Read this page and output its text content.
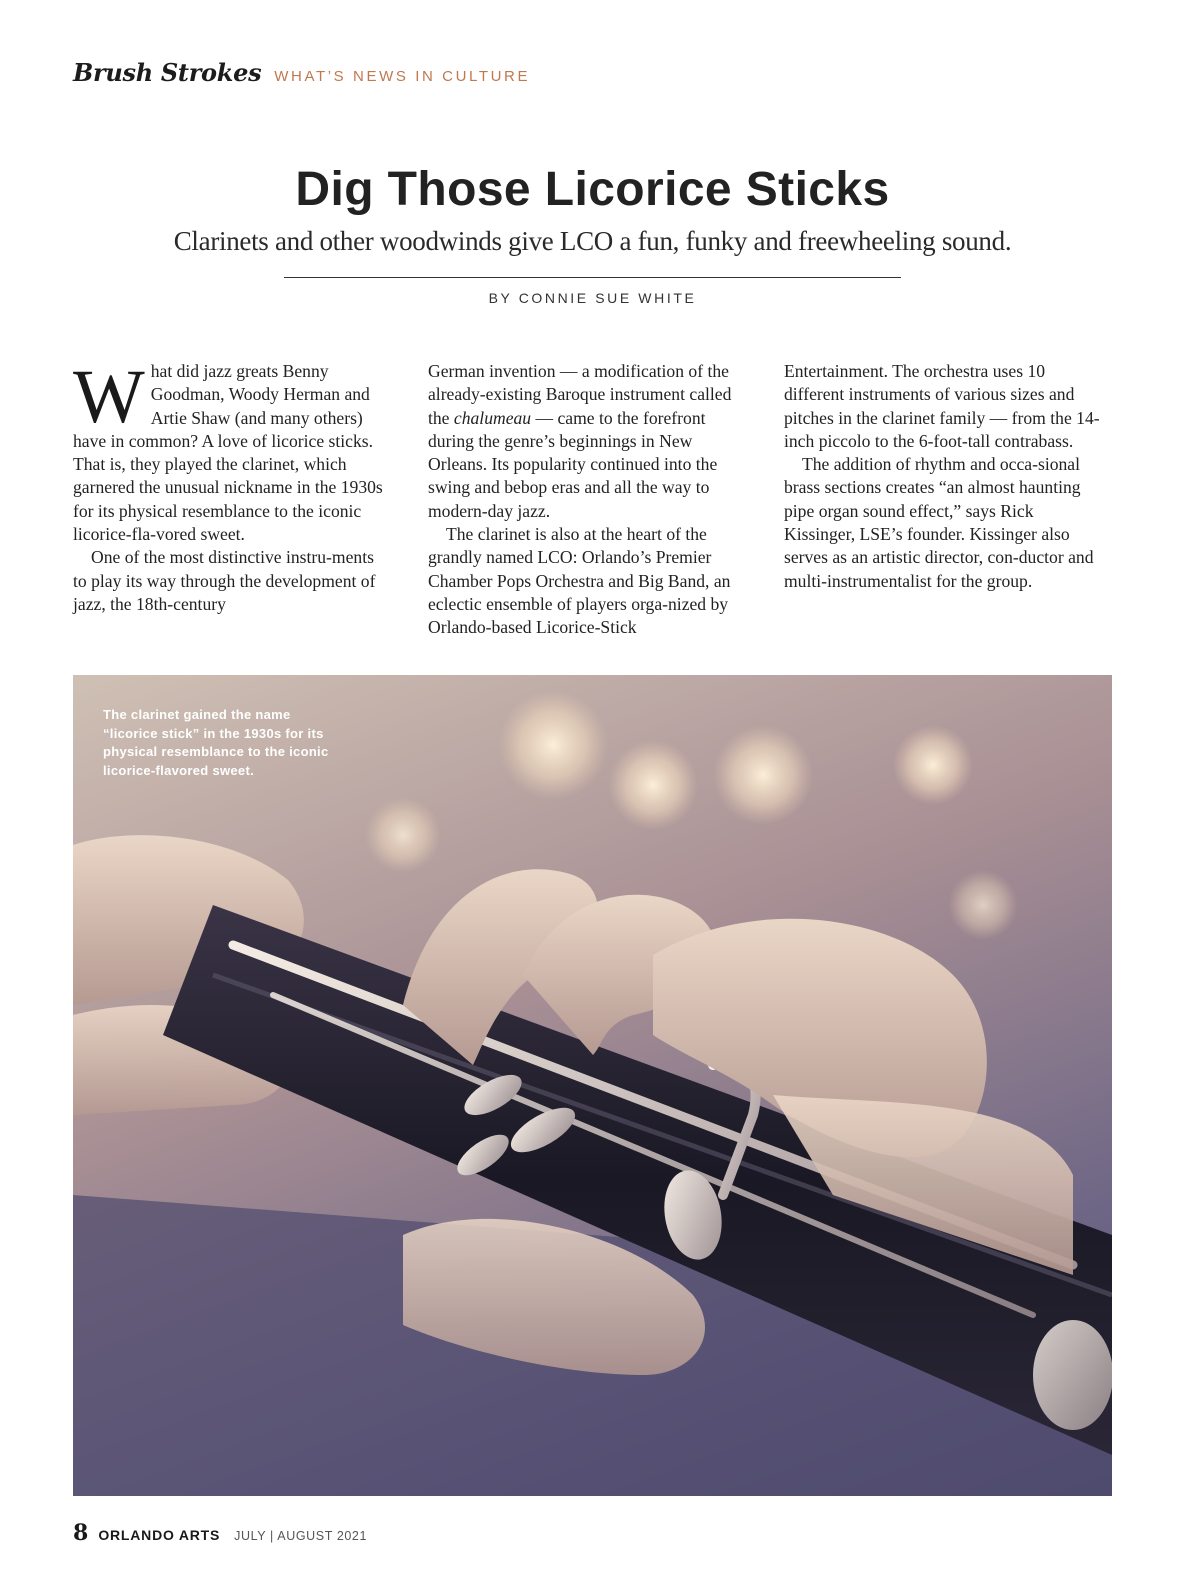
Brush Strokes WHAT’S NEWS IN CULTURE
Dig Those Licorice Sticks

Clarinets and other woodwinds give LCO a fun, funky and freewheeling sound.

BY CONNIE SUE WHITE

What did jazz greats Benny Goodman, Woody Herman and Artie Shaw (and many others) have in common? A love of licorice sticks. That is, they played the clarinet, which garnered the unusual nickname in the 1930s for its physical resemblance to the iconic licorice-fla-vored sweet.

One of the most distinctive instru-ments to play its way through the development of jazz, the 18th-century

German invention — a modification of the already-existing Baroque instrument called the chalumeau — came to the forefront during the genre’s beginnings in New Orleans. Its popularity continued into the swing and bebop eras and all the way to modern-day jazz.

The clarinet is also at the heart of the grandly named LCO: Orlando’s Premier Chamber Pops Orchestra and Big Band, an eclectic ensemble of players orga-nized by Orlando-based Licorice-Stick

Entertainment. The orchestra uses 10 different instruments of various sizes and pitches in the clarinet family — from the 14-inch piccolo to the 6-foot-tall contrabass.

The addition of rhythm and occa-sional brass sections creates “an almost haunting pipe organ sound effect,” says Rick Kissinger, LSE’s founder. Kissinger also serves as an artistic director, con-ductor and multi-instrumentalist for the group.

The clarinet gained the name “licorice stick” in the 1930s for its physical resemblance to the iconic licorice-flavored sweet.
8 ORLANDO ARTS JULY | AUGUST 2021
